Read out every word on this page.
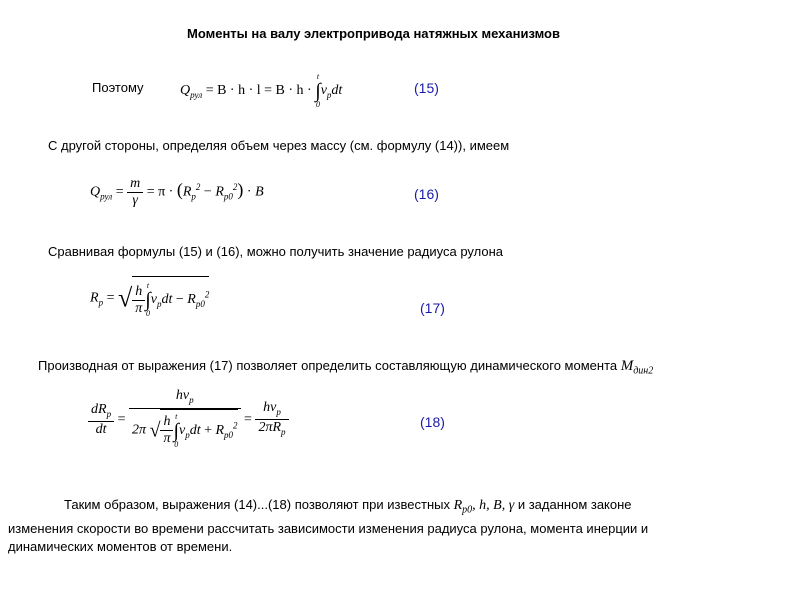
Моменты на валу электропривода натяжных механизмов
Поэтому	$Q_{рул} = B \cdot h \cdot l = B \cdot h$ ·
t
∫
0
$\nu_pdt$	(15)
С другой стороны, определяя объем через массу (см. формулу (14)), имеем
$Q_{рул} = \frac{m}{\gamma} = \pi \cdot (R_p^2 - R_{p0}^2) \cdot B$	(16)
Сравнивая формулы (15) и (16), можно получить значение радиуса рулона
$R_p$ = √ $\frac{h}{\pi}$ t
∫
0
$\nu_pdt - R_{p0}^2$
(17)
Производная от выражения (17) позволяет определить составляющую динамического момента $M_{дин2}$
$\frac{dR_p}{dt} = h\nu_p$
2π √ $\frac{h}{\pi}$ t
∫
0
$\nu_pdt + R_{p0}^2 = \frac{h\nu_p}{2\pi R_p}$	(18)
Таким образом, выражения (14)...(18) позволяют при известных $R_{p0}$, h, B, γ и заданном законе
изменения скорости во времени рассчитать зависимости изменения радиуса рулона, момента инерции и
динамических моментов от времени.
